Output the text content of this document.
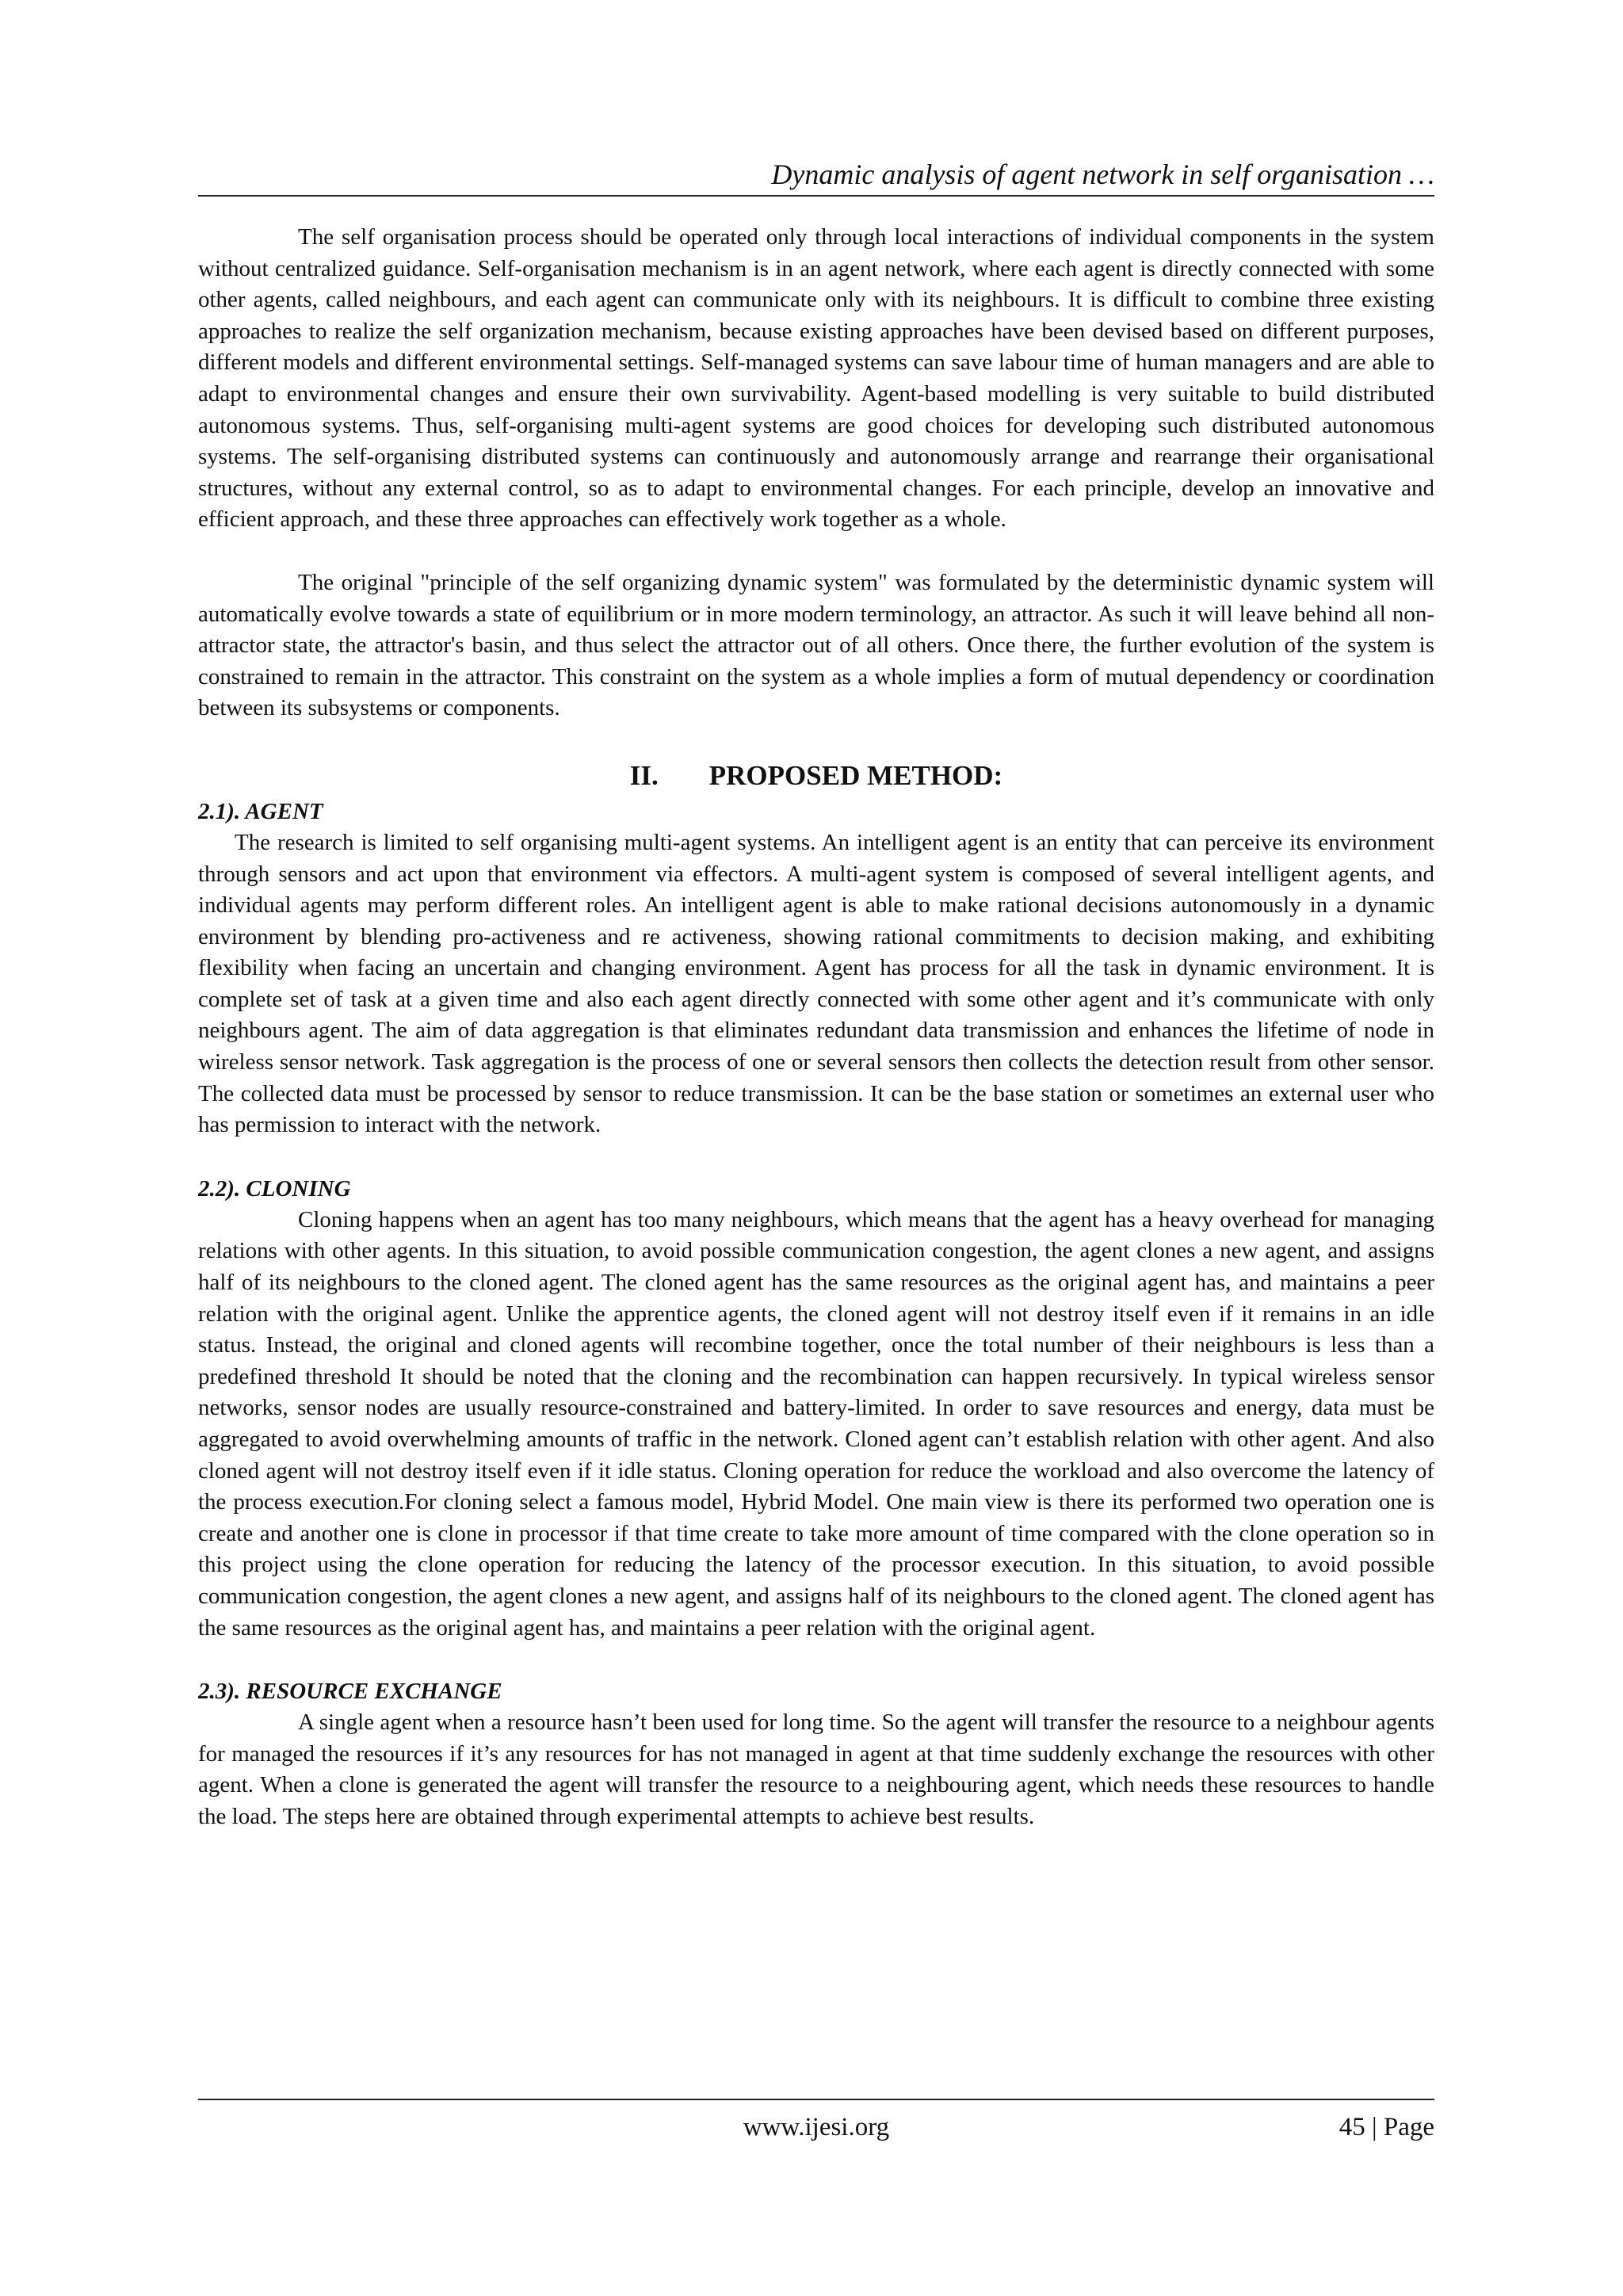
Dynamic analysis of agent network in self organisation …

The self organisation process should be operated only through local interactions of individual components in the system without centralized guidance. Self-organisation mechanism is in an agent network, where each agent is directly connected with some other agents, called neighbours, and each agent can communicate only with its neighbours. It is difficult to combine three existing approaches to realize the self organization mechanism, because existing approaches have been devised based on different purposes, different models and different environmental settings. Self-managed systems can save labour time of human managers and are able to adapt to environmental changes and ensure their own survivability. Agent-based modelling is very suitable to build distributed autonomous systems. Thus, self-organising multi-agent systems are good choices for developing such distributed autonomous systems. The self-organising distributed systems can continuously and autonomously arrange and rearrange their organisational structures, without any external control, so as to adapt to environmental changes. For each principle, develop an innovative and efficient approach, and these three approaches can effectively work together as a whole.

The original "principle of the self organizing dynamic system" was formulated by the deterministic dynamic system will automatically evolve towards a state of equilibrium or in more modern terminology, an attractor. As such it will leave behind all non-attractor state, the attractor's basin, and thus select the attractor out of all others. Once there, the further evolution of the system is constrained to remain in the attractor. This constraint on the system as a whole implies a form of mutual dependency or coordination between its subsystems or components.

II. PROPOSED METHOD:
2.1). AGENT

The research is limited to self organising multi-agent systems. An intelligent agent is an entity that can perceive its environment through sensors and act upon that environment via effectors. A multi-agent system is composed of several intelligent agents, and individual agents may perform different roles. An intelligent agent is able to make rational decisions autonomously in a dynamic environment by blending pro-activeness and re activeness, showing rational commitments to decision making, and exhibiting flexibility when facing an uncertain and changing environment. Agent has process for all the task in dynamic environment. It is complete set of task at a given time and also each agent directly connected with some other agent and it’s communicate with only neighbours agent. The aim of data aggregation is that eliminates redundant data transmission and enhances the lifetime of node in wireless sensor network. Task aggregation is the process of one or several sensors then collects the detection result from other sensor. The collected data must be processed by sensor to reduce transmission. It can be the base station or sometimes an external user who has permission to interact with the network.

2.2). CLONING

Cloning happens when an agent has too many neighbours, which means that the agent has a heavy overhead for managing relations with other agents. In this situation, to avoid possible communication congestion, the agent clones a new agent, and assigns half of its neighbours to the cloned agent. The cloned agent has the same resources as the original agent has, and maintains a peer relation with the original agent. Unlike the apprentice agents, the cloned agent will not destroy itself even if it remains in an idle status. Instead, the original and cloned agents will recombine together, once the total number of their neighbours is less than a predefined threshold It should be noted that the cloning and the recombination can happen recursively. In typical wireless sensor networks, sensor nodes are usually resource-constrained and battery-limited. In order to save resources and energy, data must be aggregated to avoid overwhelming amounts of traffic in the network. Cloned agent can’t establish relation with other agent. And also cloned agent will not destroy itself even if it idle status. Cloning operation for reduce the workload and also overcome the latency of the process execution.For cloning select a famous model, Hybrid Model. One main view is there its performed two operation one is create and another one is clone in processor if that time create to take more amount of time compared with the clone operation so in this project using the clone operation for reducing the latency of the processor execution. In this situation, to avoid possible communication congestion, the agent clones a new agent, and assigns half of its neighbours to the cloned agent. The cloned agent has the same resources as the original agent has, and maintains a peer relation with the original agent.

2.3). RESOURCE EXCHANGE

A single agent when a resource hasn’t been used for long time. So the agent will transfer the resource to a neighbour agents for managed the resources if it’s any resources for has not managed in agent at that time suddenly exchange the resources with other agent. When a clone is generated the agent will transfer the resource to a neighbouring agent, which needs these resources to handle the load. The steps here are obtained through experimental attempts to achieve best results.

www.ijesi.org	45 | Page
